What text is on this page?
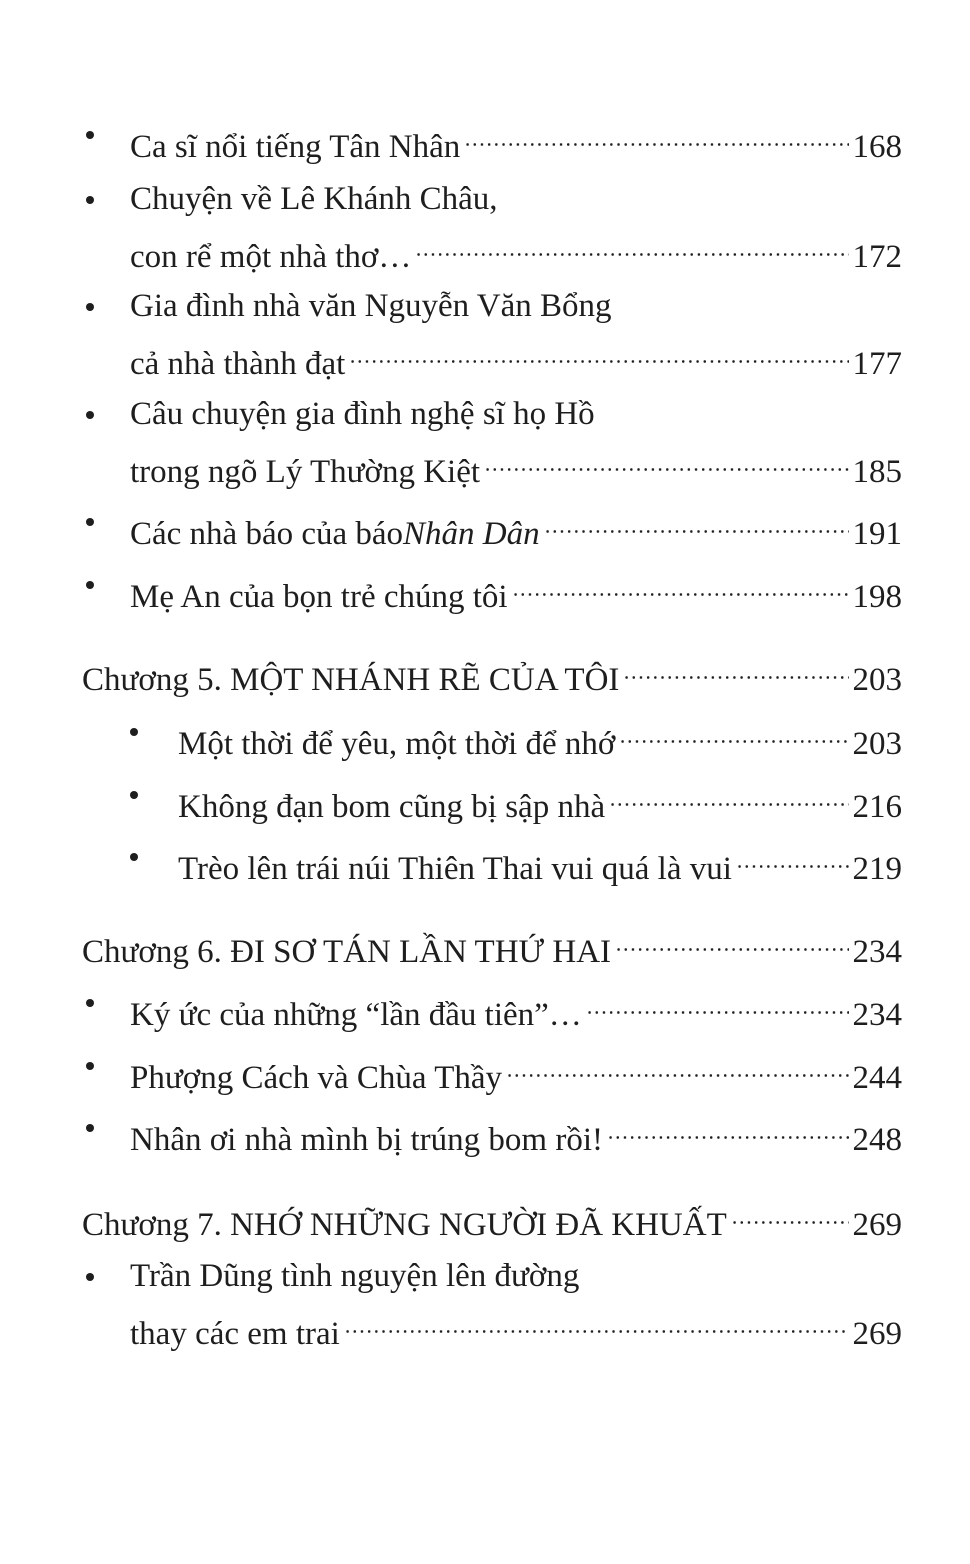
Ca sĩ nổi tiếng Tân Nhân	168
Chuyện về Lê Khánh Châu,
con rể một nhà thơ…	172
Gia đình nhà văn Nguyễn Văn Bổng
cả nhà thành đạt	177
Câu chuyện gia đình nghệ sĩ họ Hồ
trong ngõ Lý Thường Kiệt	185
Các nhà báo của báo Nhân Dân	191
Mẹ An của bọn trẻ chúng tôi	198
Chương 5. MỘT NHÁNH RẼ CỦA TÔI	203
Một thời để yêu, một thời để nhớ	203
Không đạn bom cũng bị sập nhà	216
Trèo lên trái núi Thiên Thai vui quá là vui	219
Chương 6. ĐI SƠ TÁN LẦN THỨ HAI	234
Ký ức của những “lần đầu tiên”…	234
Phượng Cách và Chùa Thầy	244
Nhân ơi nhà mình bị trúng bom rồi!	248
Chương 7. NHỚ NHỮNG NGƯỜI ĐÃ KHUẤT	269
Trần Dũng tình nguyện lên đường
thay các em trai	269
